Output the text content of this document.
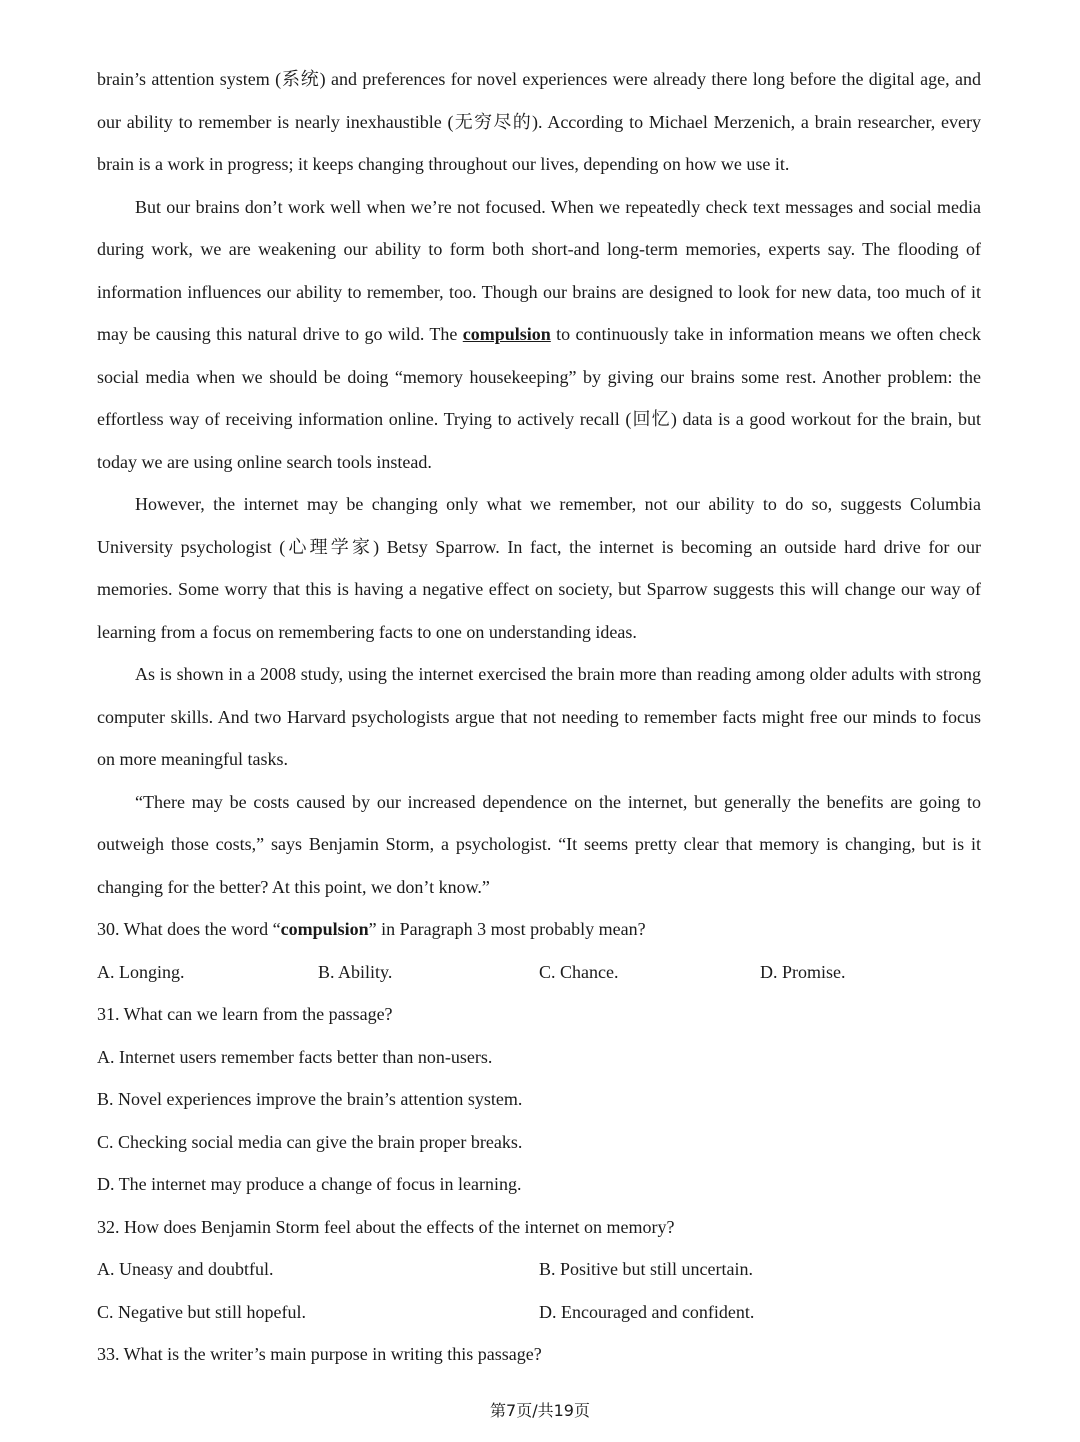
brain’s attention system (系统) and preferences for novel experiences were already there long before the digital age, and our ability to remember is nearly inexhaustible (无穷尽的). According to Michael Merzenich, a brain researcher, every brain is a work in progress; it keeps changing throughout our lives, depending on how we use it.

But our brains don’t work well when we’re not focused. When we repeatedly check text messages and social media during work, we are weakening our ability to form both short-and long-term memories, experts say. The flooding of information influences our ability to remember, too. Though our brains are designed to look for new data, too much of it may be causing this natural drive to go wild. The compulsion to continuously take in information means we often check social media when we should be doing “memory housekeeping” by giving our brains some rest. Another problem: the effortless way of receiving information online. Trying to actively recall (回忆) data is a good workout for the brain, but today we are using online search tools instead.

However, the internet may be changing only what we remember, not our ability to do so, suggests Columbia University psychologist (心理学家) Betsy Sparrow. In fact, the internet is becoming an outside hard drive for our memories. Some worry that this is having a negative effect on society, but Sparrow suggests this will change our way of learning from a focus on remembering facts to one on understanding ideas.

As is shown in a 2008 study, using the internet exercised the brain more than reading among older adults with strong computer skills. And two Harvard psychologists argue that not needing to remember facts might free our minds to focus on more meaningful tasks.

“There may be costs caused by our increased dependence on the internet, but generally the benefits are going to outweigh those costs,” says Benjamin Storm, a psychologist. “It seems pretty clear that memory is changing, but is it changing for the better? At this point, we don’t know.”

30. What does the word “compulsion” in Paragraph 3 most probably mean?

A. Longing.	B. Ability.	C. Chance.	D. Promise.

31. What can we learn from the passage?

A. Internet users remember facts better than non-users.

B. Novel experiences improve the brain’s attention system.

C. Checking social media can give the brain proper breaks.

D. The internet may produce a change of focus in learning.

32. How does Benjamin Storm feel about the effects of the internet on memory?

A. Uneasy and doubtful.	B. Positive but still uncertain.
C. Negative but still hopeful.	D. Encouraged and confident.

33. What is the writer’s main purpose in writing this passage?

第7页/共19页
